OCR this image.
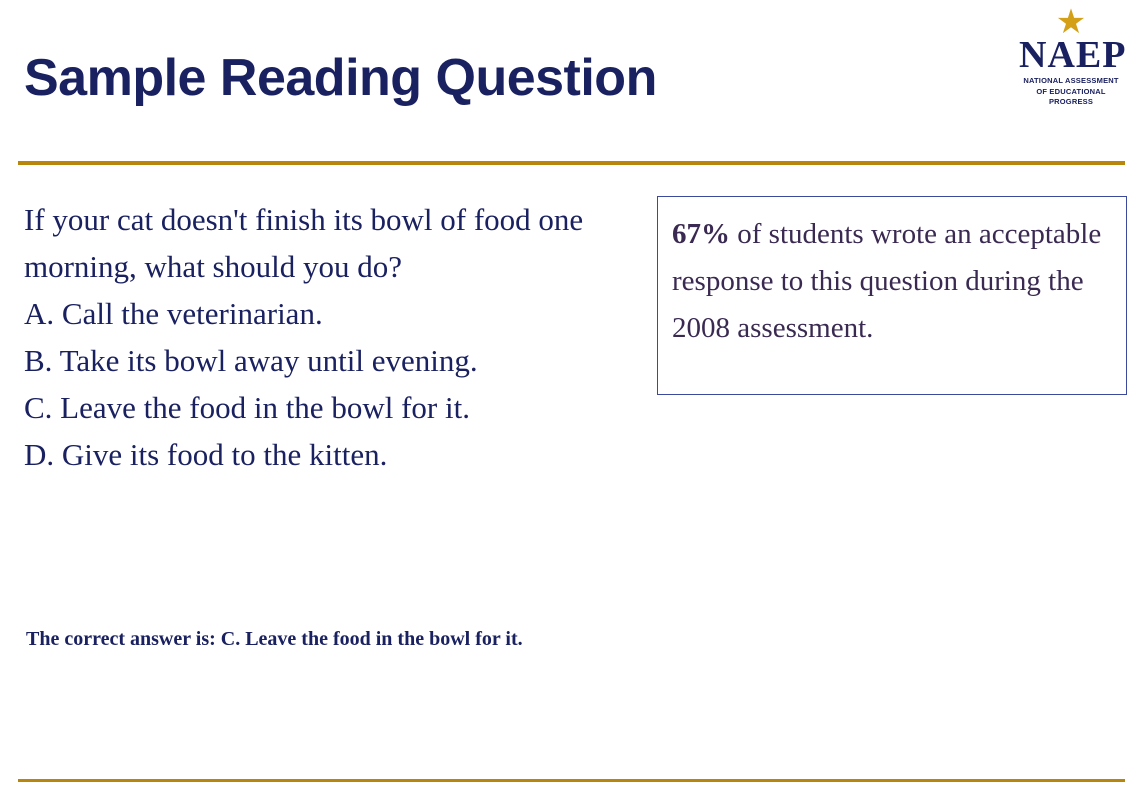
Sample Reading Question
★
NAEP
NATIONAL ASSESSMENT
OF EDUCATIONAL
PROGRESS

If your cat doesn't finish its bowl of food one morning, what should you do?

A. Call the veterinarian.
B. Take its bowl away until evening.
C. Leave the food in the bowl for it.
D. Give its food to the kitten.
The correct answer is: C. Leave the food in the bowl for it.
67% of students wrote an acceptable response to this question during the 2008 assessment.
